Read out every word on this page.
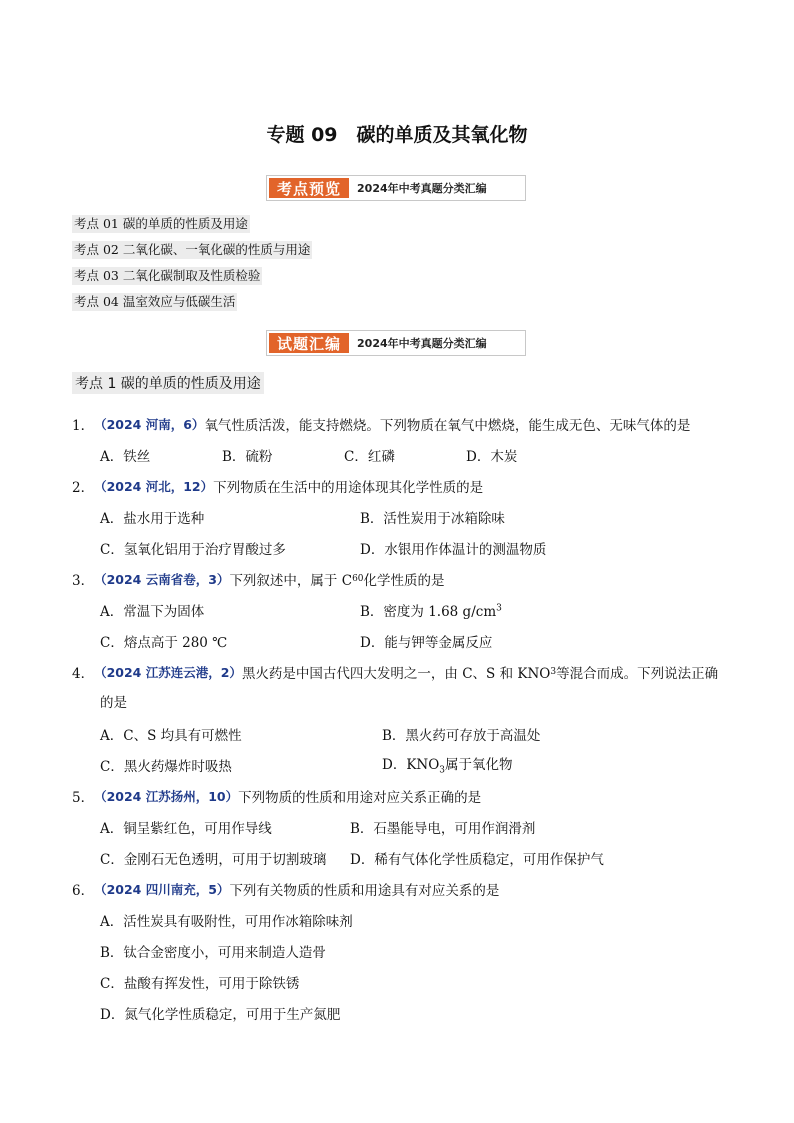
专题 09　碳的单质及其氧化物
考点预览	2024年中考真题分类汇编
考点 01 碳的单质的性质及用途
考点 02 二氧化碳、一氧化碳的性质与用途
考点 03 二氧化碳制取及性质检验
考点 04 温室效应与低碳生活
试题汇编	2024年中考真题分类汇编
考点 1 碳的单质的性质及用途
1． （2024 河南，6） 氧气性质活泼，能支持燃烧。下列物质在氧气中燃烧，能生成无色、无味气体的是
A．铁丝	B．硫粉	C．红磷	D．木炭
2． （2024 河北，12） 下列物质在生活中的用途体现其化学性质的是
A．盐水用于选种	B．活性炭用于冰箱除味
C．氢氧化铝用于治疗胃酸过多	D．水银用作体温计的测温物质
3． （2024 云南省卷，3） 下列叙述中，属于 C 60 化学性质的是
A．常温下为固体	B．密度为 1.68 $g/cm^3$
C．熔点高于 280 ℃	D．能与钾等金属反应
4． （2024 江苏连云港，2） 黑火药是中国古代四大发明之一，由 C、S 和 KNO 3 等混合而成。下列说法正确
的是
A．C、S 均具有可燃性	B．黑火药可存放于高温处
C．黑火药爆炸时吸热	D．$KNO_3$属于氧化物
5． （2024 江苏扬州，10） 下列物质的性质和用途对应关系正确的是
A．铜呈紫红色，可用作导线	B．石墨能导电，可用作润滑剂
C．金刚石无色透明，可用于切割玻璃	D．稀有气体化学性质稳定，可用作保护气
6． （2024 四川南充，5） 下列有关物质的性质和用途具有对应关系的是
A．活性炭具有吸附性，可用作冰箱除味剂
B．钛合金密度小，可用来制造人造骨
C．盐酸有挥发性，可用于除铁锈
D．氮气化学性质稳定，可用于生产氮肥
